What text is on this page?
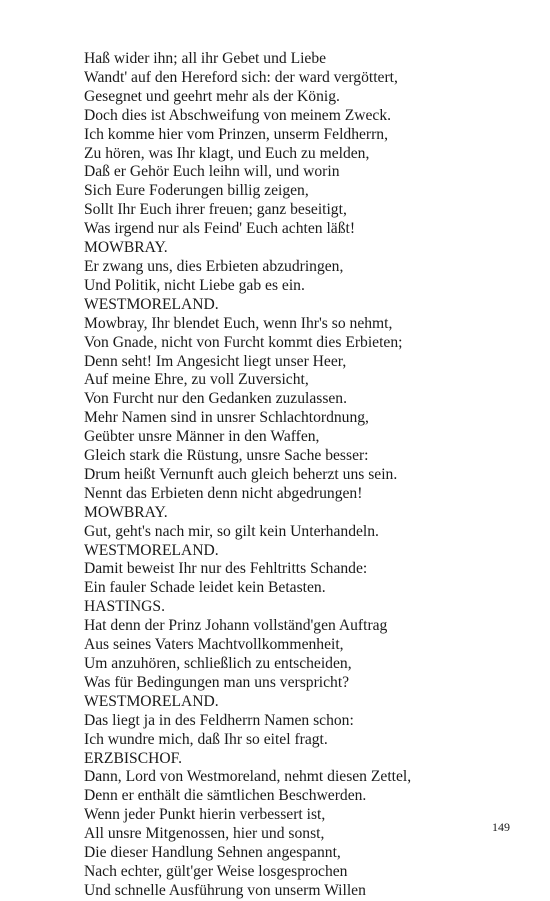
Haß wider ihn; all ihr Gebet und Liebe
Wandt' auf den Hereford sich: der ward vergöttert,
Gesegnet und geehrt mehr als der König.
Doch dies ist Abschweifung von meinem Zweck.
Ich komme hier vom Prinzen, unserm Feldherrn,
Zu hören, was Ihr klagt, und Euch zu melden,
Daß er Gehör Euch leihn will, und worin
Sich Eure Foderungen billig zeigen,
Sollt Ihr Euch ihrer freuen; ganz beseitigt,
Was irgend nur als Feind' Euch achten läßt!
MOWBRAY.
Er zwang uns, dies Erbieten abzudringen,
Und Politik, nicht Liebe gab es ein.
WESTMORELAND.
Mowbray, Ihr blendet Euch, wenn Ihr's so nehmt,
Von Gnade, nicht von Furcht kommt dies Erbieten;
Denn seht! Im Angesicht liegt unser Heer,
Auf meine Ehre, zu voll Zuversicht,
Von Furcht nur den Gedanken zuzulassen.
Mehr Namen sind in unsrer Schlachtordnung,
Geübter unsre Männer in den Waffen,
Gleich stark die Rüstung, unsre Sache besser:
Drum heißt Vernunft auch gleich beherzt uns sein.
Nennt das Erbieten denn nicht abgedrungen!
MOWBRAY.
Gut, geht's nach mir, so gilt kein Unterhandeln.
WESTMORELAND.
Damit beweist Ihr nur des Fehltritts Schande:
Ein fauler Schade leidet kein Betasten.
HASTINGS.
Hat denn der Prinz Johann vollständ'gen Auftrag
Aus seines Vaters Machtvollkommenheit,
Um anzuhören, schließlich zu entscheiden,
Was für Bedingungen man uns verspricht?
WESTMORELAND.
Das liegt ja in des Feldherrn Namen schon:
Ich wundre mich, daß Ihr so eitel fragt.
ERZBISCHOF.
Dann, Lord von Westmoreland, nehmt diesen Zettel,
Denn er enthält die sämtlichen Beschwerden.
Wenn jeder Punkt hierin verbessert ist,
All unsre Mitgenossen, hier und sonst,
Die dieser Handlung Sehnen angespannt,
Nach echter, gült'ger Weise losgesprochen
Und schnelle Ausführung von unserm Willen
149
